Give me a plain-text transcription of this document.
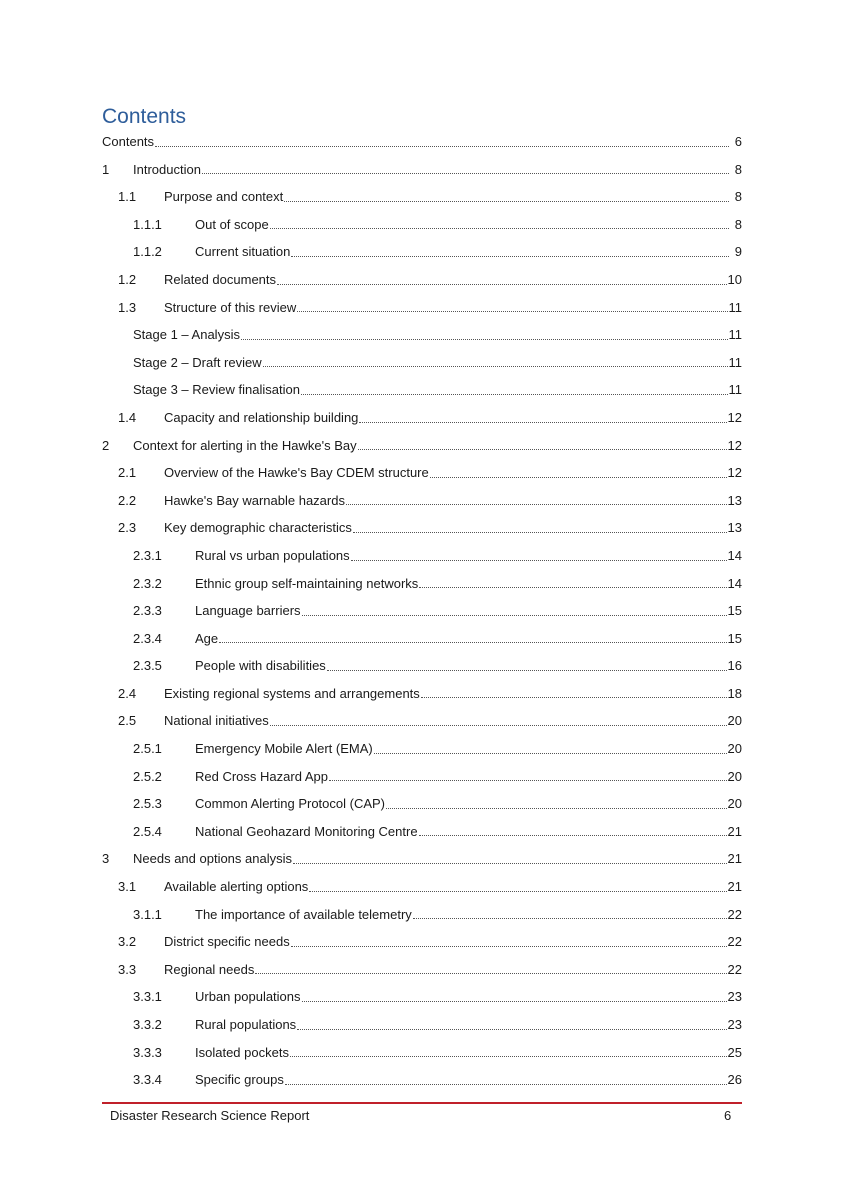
Contents
Contents	6
1	Introduction	8
1.1	Purpose and context	8
1.1.1	Out of scope	8
1.1.2	Current situation	9
1.2	Related documents	10
1.3	Structure of this review	11
Stage 1 – Analysis	11
Stage 2 – Draft review	11
Stage 3 – Review finalisation	11
1.4	Capacity and relationship building	12
2	Context for alerting in the Hawke's Bay	12
2.1	Overview of the Hawke's Bay CDEM structure	12
2.2	Hawke's Bay warnable hazards	13
2.3	Key demographic characteristics	13
2.3.1	Rural vs urban populations	14
2.3.2	Ethnic group self-maintaining networks	14
2.3.3	Language barriers	15
2.3.4	Age	15
2.3.5	People with disabilities	16
2.4	Existing regional systems and arrangements	18
2.5	National initiatives	20
2.5.1	Emergency Mobile Alert (EMA)	20
2.5.2	Red Cross Hazard App	20
2.5.3	Common Alerting Protocol (CAP)	20
2.5.4	National Geohazard Monitoring Centre	21
3	Needs and options analysis	21
3.1	Available alerting options	21
3.1.1	The importance of available telemetry	22
3.2	District specific needs	22
3.3	Regional needs	22
3.3.1	Urban populations	23
3.3.2	Rural populations	23
3.3.3	Isolated pockets	25
3.3.4	Specific groups	26
Disaster Research Science Report	6
